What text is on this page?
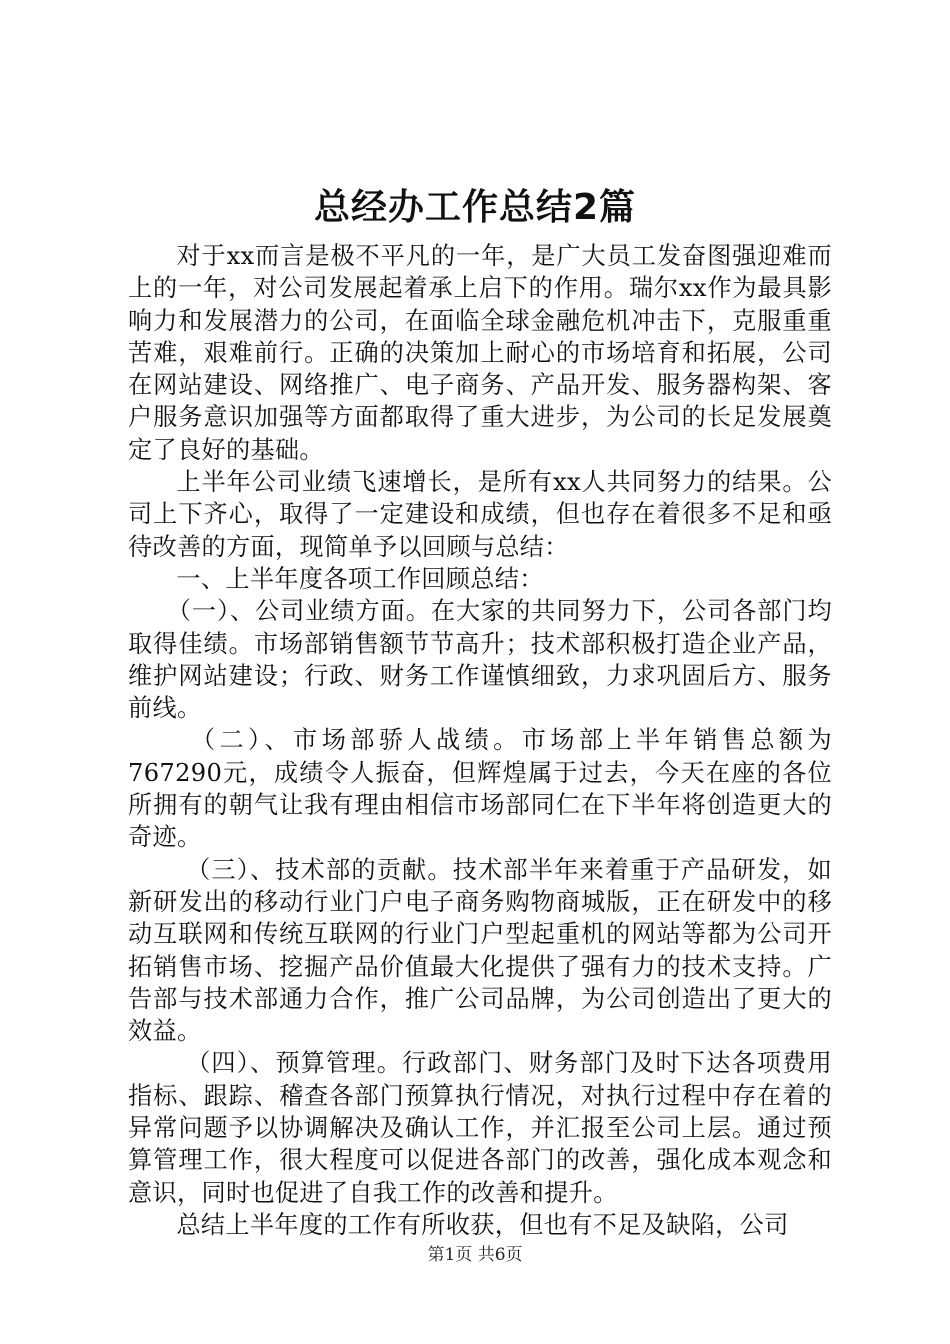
总经办工作总结2篇

对于xx而言是极不平凡的一年，是广大员工发奋图强迎难而上的一年，对公司发展起着承上启下的作用。瑞尔xx作为最具影响力和发展潜力的公司，在面临全球金融危机冲击下，克服重重苦难，艰难前行。正确的决策加上耐心的市场培育和拓展，公司在网站建设、网络推广、电子商务、产品开发、服务器构架、客户服务意识加强等方面都取得了重大进步，为公司的长足发展奠定了良好的基础。

上半年公司业绩飞速增长，是所有xx人共同努力的结果。公司上下齐心，取得了一定建设和成绩，但也存在着很多不足和亟待改善的方面，现简单予以回顾与总结：

一、上半年度各项工作回顾总结：

（一）、公司业绩方面。在大家的共同努力下，公司各部门均取得佳绩。市场部销售额节节高升；技术部积极打造企业产品，维护网站建设；行政、财务工作谨慎细致，力求巩固后方、服务前线。

（二）、市场部骄人战绩。市场部上半年销售总额为767290元，成绩令人振奋，但辉煌属于过去，今天在座的各位所拥有的朝气让我有理由相信市场部同仁在下半年将创造更大的奇迹。

（三）、技术部的贡献。技术部半年来着重于产品研发，如新研发出的移动行业门户电子商务购物商城版，正在研发中的移动互联网和传统互联网的行业门户型起重机的网站等都为公司开拓销售市场、挖掘产品价值最大化提供了强有力的技术支持。广告部与技术部通力合作，推广公司品牌，为公司创造出了更大的效益。

（四）、预算管理。行政部门、财务部门及时下达各项费用指标、跟踪、稽查各部门预算执行情况，对执行过程中存在着的异常问题予以协调解决及确认工作，并汇报至公司上层。通过预算管理工作，很大程度可以促进各部门的改善，强化成本观念和意识，同时也促进了自我工作的改善和提升。

总结上半年度的工作有所收获，但也有不足及缺陷，公司

第1页 共6页
